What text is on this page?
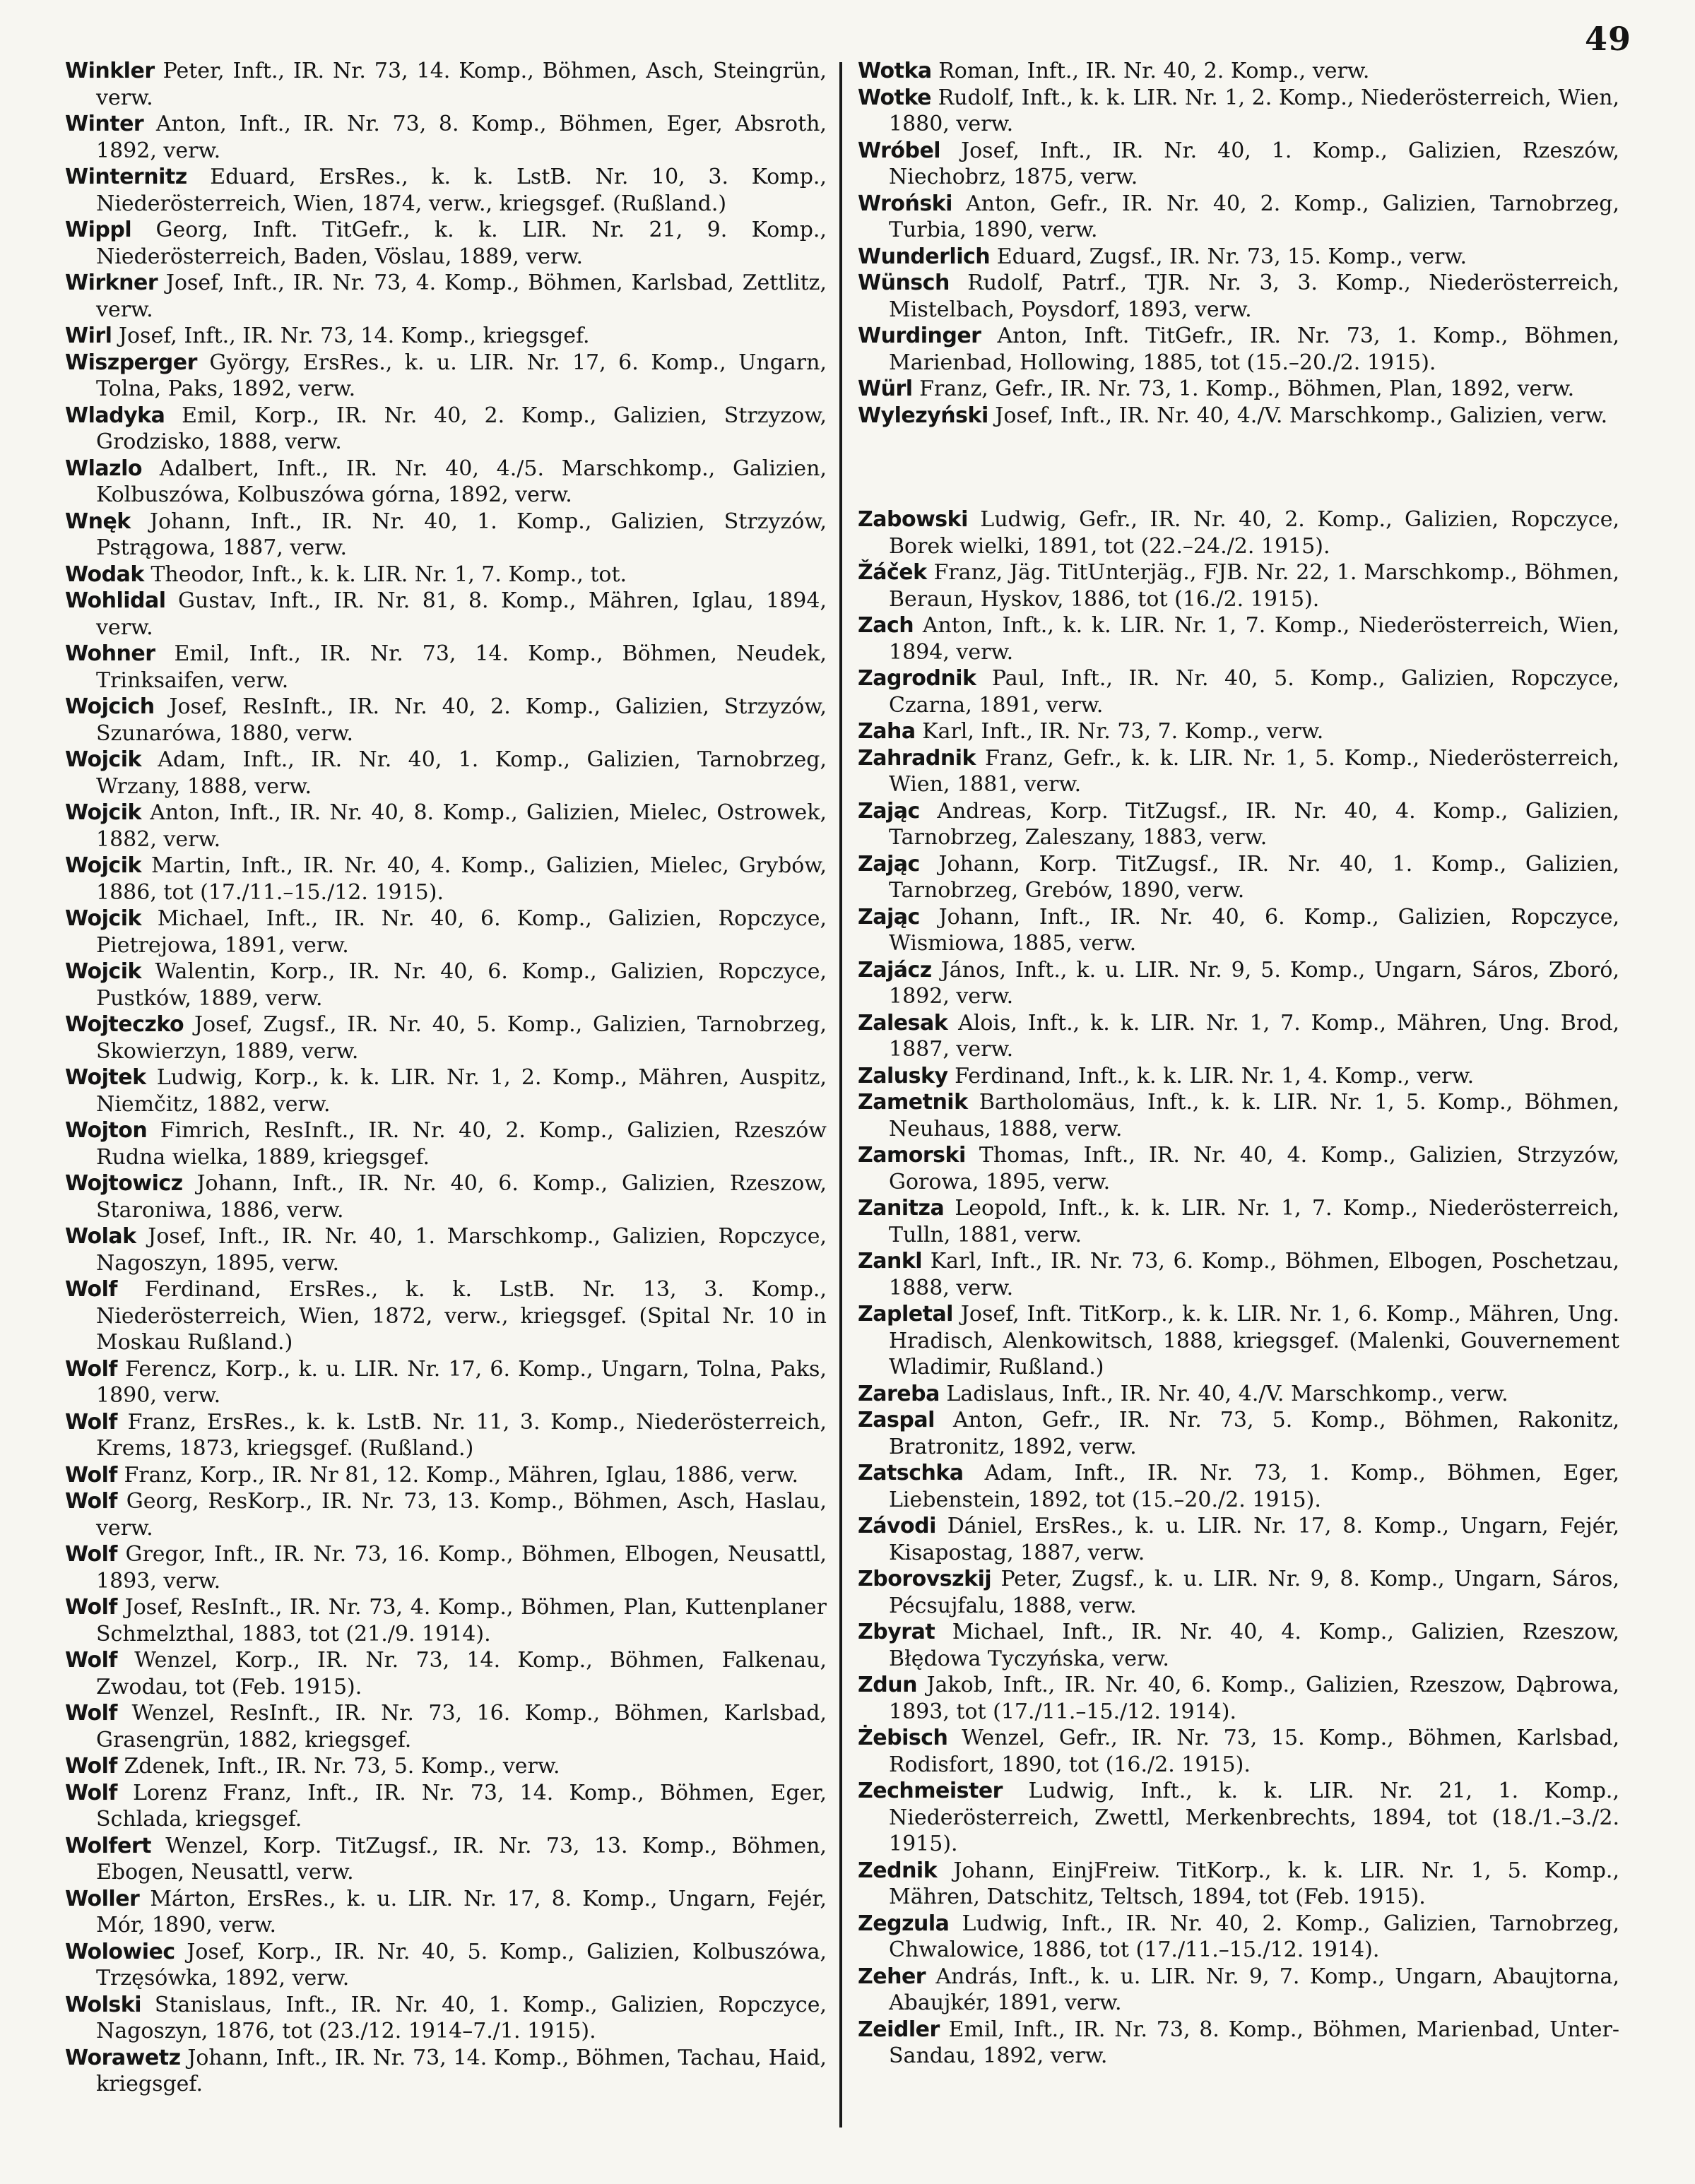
49
Winkler Peter, Inft., IR. Nr. 73, 14. Komp., Böhmen, Asch, Steingrün, verw.
Winter Anton, Inft., IR. Nr. 73, 8. Komp., Böhmen, Eger, Absroth, 1892, verw.
Winternitz Eduard, ErsRes., k. k. LstB. Nr. 10, 3. Komp., Niederösterreich, Wien, 1874, verw., kriegsgef. (Rußland.)
Wippl Georg, Inft. TitGefr., k. k. LIR. Nr. 21, 9. Komp., Niederösterreich, Baden, Vöslau, 1889, verw.
Wirkner Josef, Inft., IR. Nr. 73, 4. Komp., Böhmen, Karlsbad, Zettlitz, verw.
Wirl Josef, Inft., IR. Nr. 73, 14. Komp., kriegsgef.
Wiszperger György, ErsRes., k. u. LIR. Nr. 17, 6. Komp., Ungarn, Tolna, Paks, 1892, verw.
Wladyka Emil, Korp., IR. Nr. 40, 2. Komp., Galizien, Strzyzow, Grodzisko, 1888, verw.
Wlazlo Adalbert, Inft., IR. Nr. 40, 4./5. Marschkomp., Galizien, Kolbuszówa, Kolbuszówa górna, 1892, verw.
Wnęk Johann, Inft., IR. Nr. 40, 1. Komp., Galizien, Strzyzów, Pstrągowa, 1887, verw.
Wodak Theodor, Inft., k. k. LIR. Nr. 1, 7. Komp., tot.
Wohlidal Gustav, Inft., IR. Nr. 81, 8. Komp., Mähren, Iglau, 1894, verw.
Wohner Emil, Inft., IR. Nr. 73, 14. Komp., Böhmen, Neudek, Trinksaifen, verw.
Wojcich Josef, ResInft., IR. Nr. 40, 2. Komp., Galizien, Strzyzów, Szunarówa, 1880, verw.
Wojcik Adam, Inft., IR. Nr. 40, 1. Komp., Galizien, Tarnobrzeg, Wrzany, 1888, verw.
Wojcik Anton, Inft., IR. Nr. 40, 8. Komp., Galizien, Mielec, Ostrowek, 1882, verw.
Wojcik Martin, Inft., IR. Nr. 40, 4. Komp., Galizien, Mielec, Grybów, 1886, tot (17./11.–15./12. 1915).
Wojcik Michael, Inft., IR. Nr. 40, 6. Komp., Galizien, Ropczyce, Pietrejowa, 1891, verw.
Wojcik Walentin, Korp., IR. Nr. 40, 6. Komp., Galizien, Ropczyce, Pustków, 1889, verw.
Wojteczko Josef, Zugsf., IR. Nr. 40, 5. Komp., Galizien, Tarnobrzeg, Skowierzyn, 1889, verw.
Wojtek Ludwig, Korp., k. k. LIR. Nr. 1, 2. Komp., Mähren, Auspitz, Niemčitz, 1882, verw.
Wojton Fimrich, ResInft., IR. Nr. 40, 2. Komp., Galizien, Rzeszów Rudna wielka, 1889, kriegsgef.
Wojtowicz Johann, Inft., IR. Nr. 40, 6. Komp., Galizien, Rzeszow, Staroniwa, 1886, verw.
Wolak Josef, Inft., IR. Nr. 40, 1. Marschkomp., Galizien, Ropczyce, Nagoszyn, 1895, verw.
Wolf Ferdinand, ErsRes., k. k. LstB. Nr. 13, 3. Komp., Niederösterreich, Wien, 1872, verw., kriegsgef. (Spital Nr. 10 in Moskau Rußland.)
Wolf Ferencz, Korp., k. u. LIR. Nr. 17, 6. Komp., Ungarn, Tolna, Paks, 1890, verw.
Wolf Franz, ErsRes., k. k. LstB. Nr. 11, 3. Komp., Niederösterreich, Krems, 1873, kriegsgef. (Rußland.)
Wolf Franz, Korp., IR. Nr 81, 12. Komp., Mähren, Iglau, 1886, verw.
Wolf Georg, ResKorp., IR. Nr. 73, 13. Komp., Böhmen, Asch, Haslau, verw.
Wolf Gregor, Inft., IR. Nr. 73, 16. Komp., Böhmen, Elbogen, Neusattl, 1893, verw.
Wolf Josef, ResInft., IR. Nr. 73, 4. Komp., Böhmen, Plan, Kuttenplaner Schmelzthal, 1883, tot (21./9. 1914).
Wolf Wenzel, Korp., IR. Nr. 73, 14. Komp., Böhmen, Falkenau, Zwodau, tot (Feb. 1915).
Wolf Wenzel, ResInft., IR. Nr. 73, 16. Komp., Böhmen, Karlsbad, Grasengrün, 1882, kriegsgef.
Wolf Zdenek, Inft., IR. Nr. 73, 5. Komp., verw.
Wolf Lorenz Franz, Inft., IR. Nr. 73, 14. Komp., Böhmen, Eger, Schlada, kriegsgef.
Wolfert Wenzel, Korp. TitZugsf., IR. Nr. 73, 13. Komp., Böhmen, Ebogen, Neusattl, verw.
Woller Márton, ErsRes., k. u. LIR. Nr. 17, 8. Komp., Ungarn, Fejér, Mór, 1890, verw.
Wolowiec Josef, Korp., IR. Nr. 40, 5. Komp., Galizien, Kolbuszówa, Trzęsówka, 1892, verw.
Wolski Stanislaus, Inft., IR. Nr. 40, 1. Komp., Galizien, Ropczyce, Nagoszyn, 1876, tot (23./12. 1914–7./1. 1915).
Worawetz Johann, Inft., IR. Nr. 73, 14. Komp., Böhmen, Tachau, Haid, kriegsgef.
Wotka Roman, Inft., IR. Nr. 40, 2. Komp., verw.
Wotke Rudolf, Inft., k. k. LIR. Nr. 1, 2. Komp., Niederösterreich, Wien, 1880, verw.
Wróbel Josef, Inft., IR. Nr. 40, 1. Komp., Galizien, Rzeszów, Niechobrz, 1875, verw.
Wroński Anton, Gefr., IR. Nr. 40, 2. Komp., Galizien, Tarnobrzeg, Turbia, 1890, verw.
Wunderlich Eduard, Zugsf., IR. Nr. 73, 15. Komp., verw.
Wünsch Rudolf, Patrf., TJR. Nr. 3, 3. Komp., Niederösterreich, Mistelbach, Poysdorf, 1893, verw.
Wurdinger Anton, Inft. TitGefr., IR. Nr. 73, 1. Komp., Böhmen, Marienbad, Hollowing, 1885, tot (15.–20./2. 1915).
Würl Franz, Gefr., IR. Nr. 73, 1. Komp., Böhmen, Plan, 1892, verw.
Wylezyński Josef, Inft., IR. Nr. 40, 4./V. Marschkomp., Galizien, verw.
Zabowski Ludwig, Gefr., IR. Nr. 40, 2. Komp., Galizien, Ropczyce, Borek wielki, 1891, tot (22.–24./2. 1915).
Žáček Franz, Jäg. TitUnterjäg., FJB. Nr. 22, 1. Marschkomp., Böhmen, Beraun, Hyskov, 1886, tot (16./2. 1915).
Zach Anton, Inft., k. k. LIR. Nr. 1, 7. Komp., Niederösterreich, Wien, 1894, verw.
Zagrodnik Paul, Inft., IR. Nr. 40, 5. Komp., Galizien, Ropczyce, Czarna, 1891, verw.
Zaha Karl, Inft., IR. Nr. 73, 7. Komp., verw.
Zahradnik Franz, Gefr., k. k. LIR. Nr. 1, 5. Komp., Niederösterreich, Wien, 1881, verw.
Zając Andreas, Korp. TitZugsf., IR. Nr. 40, 4. Komp., Galizien, Tarnobrzeg, Zaleszany, 1883, verw.
Zając Johann, Korp. TitZugsf., IR. Nr. 40, 1. Komp., Galizien, Tarnobrzeg, Grebów, 1890, verw.
Zając Johann, Inft., IR. Nr. 40, 6. Komp., Galizien, Ropczyce, Wismiowa, 1885, verw.
Zajácz János, Inft., k. u. LIR. Nr. 9, 5. Komp., Ungarn, Sáros, Zboró, 1892, verw.
Zalesak Alois, Inft., k. k. LIR. Nr. 1, 7. Komp., Mähren, Ung. Brod, 1887, verw.
Zalusky Ferdinand, Inft., k. k. LIR. Nr. 1, 4. Komp., verw.
Zametnik Bartholomäus, Inft., k. k. LIR. Nr. 1, 5. Komp., Böhmen, Neuhaus, 1888, verw.
Zamorski Thomas, Inft., IR. Nr. 40, 4. Komp., Galizien, Strzyzów, Gorowa, 1895, verw.
Zanitza Leopold, Inft., k. k. LIR. Nr. 1, 7. Komp., Niederösterreich, Tulln, 1881, verw.
Zankl Karl, Inft., IR. Nr. 73, 6. Komp., Böhmen, Elbogen, Poschetzau, 1888, verw.
Zapletal Josef, Inft. TitKorp., k. k. LIR. Nr. 1, 6. Komp., Mähren, Ung. Hradisch, Alenkowitsch, 1888, kriegsgef. (Malenki, Gouvernement Wladimir, Rußland.)
Zareba Ladislaus, Inft., IR. Nr. 40, 4./V. Marschkomp., verw.
Zaspal Anton, Gefr., IR. Nr. 73, 5. Komp., Böhmen, Rakonitz, Bratronitz, 1892, verw.
Zatschka Adam, Inft., IR. Nr. 73, 1. Komp., Böhmen, Eger, Liebenstein, 1892, tot (15.–20./2. 1915).
Závodi Dániel, ErsRes., k. u. LIR. Nr. 17, 8. Komp., Ungarn, Fejér, Kisapostag, 1887, verw.
Zborovszkij Peter, Zugsf., k. u. LIR. Nr. 9, 8. Komp., Ungarn, Sáros, Pécsujfalu, 1888, verw.
Zbyrat Michael, Inft., IR. Nr. 40, 4. Komp., Galizien, Rzeszow, Błędowa Tyczyńska, verw.
Zdun Jakob, Inft., IR. Nr. 40, 6. Komp., Galizien, Rzeszow, Dąbrowa, 1893, tot (17./11.–15./12. 1914).
Żebisch Wenzel, Gefr., IR. Nr. 73, 15. Komp., Böhmen, Karlsbad, Rodisfort, 1890, tot (16./2. 1915).
Zechmeister Ludwig, Inft., k. k. LIR. Nr. 21, 1. Komp., Niederösterreich, Zwettl, Merkenbrechts, 1894, tot (18./1.–3./2. 1915).
Zednik Johann, EinjFreiw. TitKorp., k. k. LIR. Nr. 1, 5. Komp., Mähren, Datschitz, Teltsch, 1894, tot (Feb. 1915).
Zegzula Ludwig, Inft., IR. Nr. 40, 2. Komp., Galizien, Tarnobrzeg, Chwalowice, 1886, tot (17./11.–15./12. 1914).
Zeher András, Inft., k. u. LIR. Nr. 9, 7. Komp., Ungarn, Abaujtorna, Abaujkér, 1891, verw.
Zeidler Emil, Inft., IR. Nr. 73, 8. Komp., Böhmen, Marienbad, Unter-Sandau, 1892, verw.
